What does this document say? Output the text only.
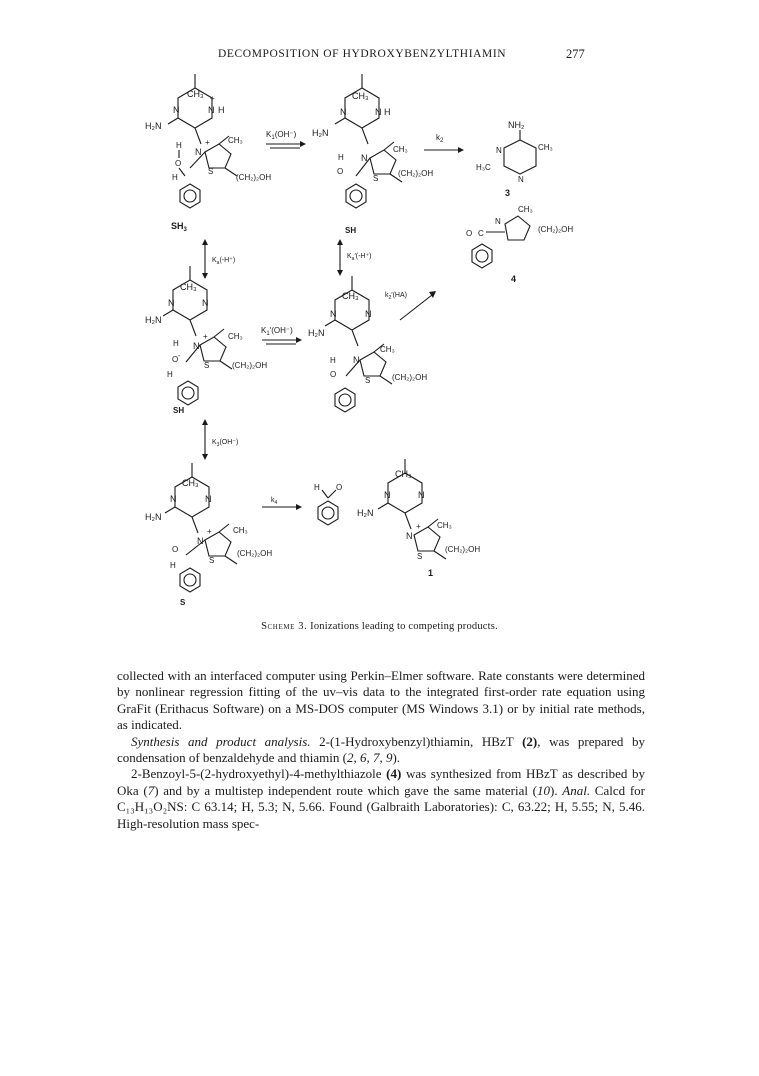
DECOMPOSITION OF HYDROXYBENZYLTHIAMIN	277
CH₃
N	N H
+
H₂N
CH₃
N
+
S
(CH₂)₂OH
H
O
H
$SH_3$
$K_1(OH^-)$
CH₃
N	N H
H₂N
CH₃
N
S
(CH₂)₂OH
H
O
SH
$k_2$
NH₂
CH₃
N
N
H₃C
3
CH₃
N
(CH₂)₂OH
O C
4
$K_a(-H^+)$
$K_a'(-H^+)$
CH₃
N	N
H₂N
CH₃
N
+
S	(CH₂)₂OH
H
O -
H
SH
$K_1'(OH^-)$
CH₃
N	N
H₂N
CH₃
N
S	(CH₂)₂OH
H
O
$k_2'(HA)$
$K_3(OH^-)$
CH₃
N	N
H₂N
CH₃
N
+
S
(CH₂)₂OH
O
H
S
$k_4$
H O
CH₃
N	N
H₂N
CH₃
N
+
S
(CH₂)₂OH
1
Scheme 3. Ionizations leading to competing products.

collected with an interfaced computer using Perkin–Elmer software. Rate constants were determined by nonlinear regression fitting of the uv–vis data to the integrated first-order rate equation using GraFit (Erithacus Software) on a MS-DOS computer (MS Windows 3.1) or by initial rate methods, as indicated.

Synthesis and product analysis. 2-(1-Hydroxybenzyl)thiamin, HBzT (2), was prepared by condensation of benzaldehyde and thiamin (2, 6, 7, 9).

2-Benzoyl-5-(2-hydroxyethyl)-4-methylthiazole (4) was synthesized from HBzT as described by Oka (7) and by a multistep independent route which gave the same material (10). Anal. Calcd for C₁₃H₁₃O₂NS: C 63.14; H, 5.3; N, 5.66. Found (Galbraith Laboratories): C, 63.22; H, 5.55; N, 5.46. High-resolution mass spec-
